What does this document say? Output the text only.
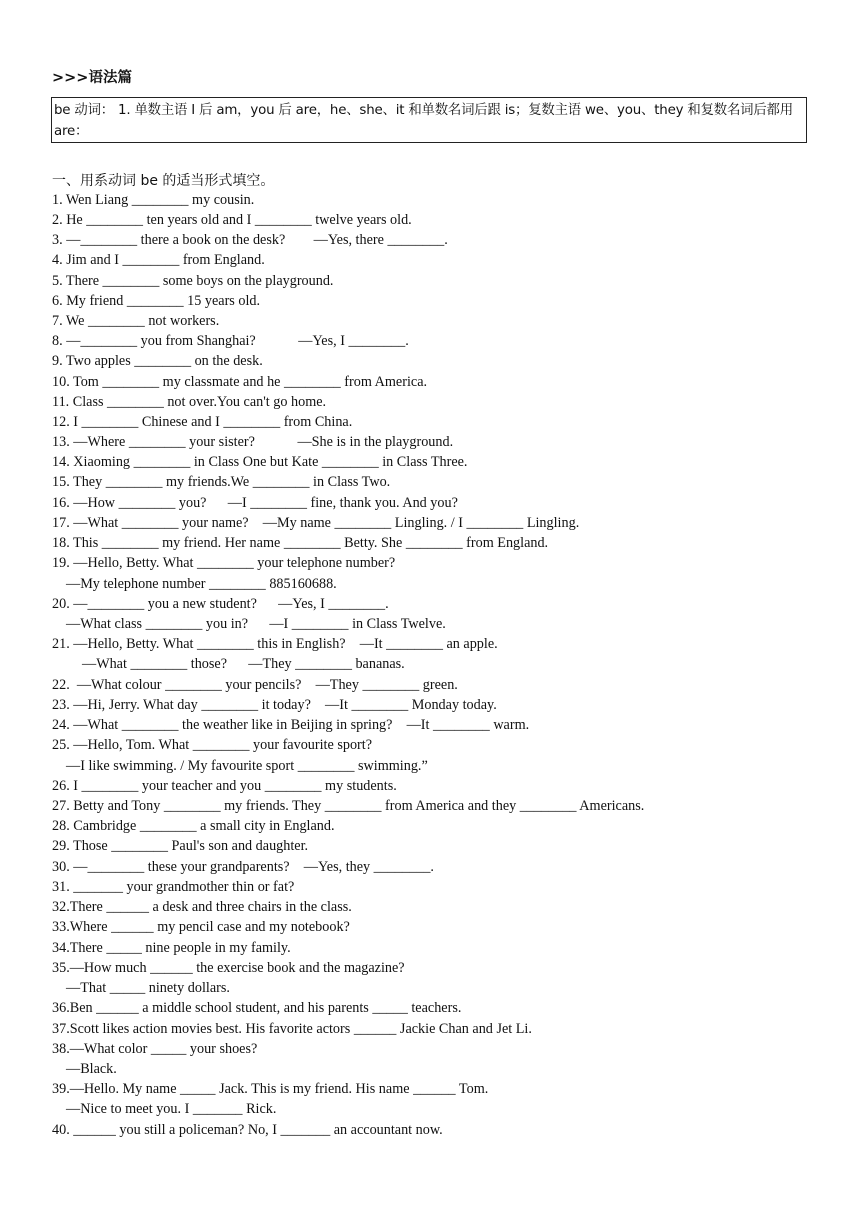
>>>语法篇
be 动词： 1. 单数主语 I 后 am，you 后 are，he、she、it 和单数名词后跟 is；复数主语 we、you、they 和复数名词后都用 are：
一、用系动词 be 的适当形式填空。
1. Wen Liang ________ my cousin.
2. He ________ ten years old and I ________ twelve years old.
3. —________ there a book on the desk?        —Yes, there ________.
4. Jim and I ________ from England.
5. There ________ some boys on the playground.
6. My friend ________ 15 years old.
7. We ________ not workers.
8. —________ you from Shanghai?            —Yes, I ________.
9. Two apples ________ on the desk.
10. Tom ________ my classmate and he ________ from America.
11. Class ________ not over.You can't go home.
12. I ________ Chinese and I ________ from China.
13. —Where ________ your sister?            —She is in the playground.
14. Xiaoming ________ in Class One but Kate ________ in Class Three.
15. They ________ my friends.We ________ in Class Two.
16. —How ________ you?      —I ________ fine, thank you. And you?
17. —What ________ your name?    —My name ________ Lingling. / I ________ Lingling.
18. This ________ my friend. Her name ________ Betty. She ________ from England.
19. —Hello, Betty. What ________ your telephone number?
—My telephone number ________ 885160688.
20. —________ you a new student?      —Yes, I ________.
—What class ________ you in?      —I ________ in Class Twelve.
21. —Hello, Betty. What ________ this in English?    —It ________ an apple.
—What ________ those?      —They ________ bananas.
22.  —What colour ________ your pencils?    —They ________ green.
23. —Hi, Jerry. What day ________ it today?    —It ________ Monday today.
24. —What ________ the weather like in Beijing in spring?    —It ________ warm.
25. —Hello, Tom. What ________ your favourite sport?
—I like swimming. / My favourite sport ________ swimming.”
26. I ________ your teacher and you ________ my students.
27. Betty and Tony ________ my friends. They ________ from America and they ________ Americans.
28. Cambridge ________ a small city in England.
29. Those ________ Paul's son and daughter.
30. —________ these your grandparents?    —Yes, they ________.
31. _______ your grandmother thin or fat?
32.There ______ a desk and three chairs in the class.
33.Where ______ my pencil case and my notebook?
34.There _____ nine people in my family.
35.—How much ______ the exercise book and the magazine?
—That _____ ninety dollars.
36.Ben ______ a middle school student, and his parents _____ teachers.
37.Scott likes action movies best. His favorite actors ______ Jackie Chan and Jet Li.
38.—What color _____ your shoes?
—Black.
39.—Hello. My name _____ Jack. This is my friend. His name ______ Tom.
—Nice to meet you. I _______ Rick.
40. ______ you still a policeman? No, I _______ an accountant now.
